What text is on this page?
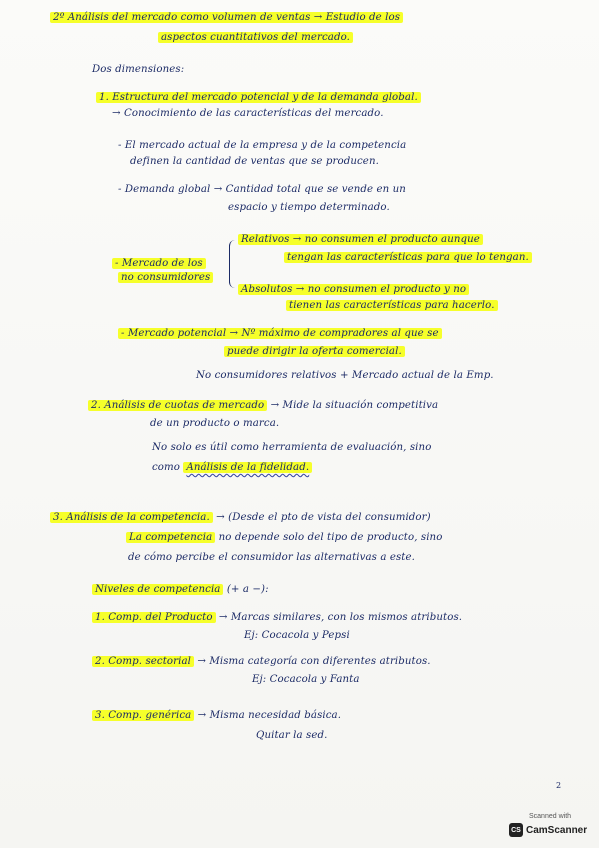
2º Análisis del mercado como volumen de ventas → Estudio de los
aspectos cuantitativos del mercado.
Dos dimensiones:
1. Estructura del mercado potencial y de la demanda global.
→ Conocimiento de las características del mercado.
- El mercado actual de la empresa y de la competencia
definen la cantidad de ventas que se producen.
- Demanda global → Cantidad total que se vende en un
espacio y tiempo determinado.
Relativos → no consumen el producto aunque
tengan las características para que lo tengan.
- Mercado de los
no consumidores
Absolutos → no consumen el producto y no
tienen las características para hacerlo.
- Mercado potencial → Nº máximo de compradores al que se
puede dirigir la oferta comercial.
No consumidores relativos + Mercado actual de la Emp.
2. Análisis de cuotas de mercado → Mide la situación competitiva
de un producto o marca.
No solo es útil como herramienta de evaluación, sino
como Análisis de la fidelidad.
3. Análisis de la competencia. → (Desde el pto de vista del consumidor)
La competencia no depende solo del tipo de producto, sino
de cómo percibe el consumidor las alternativas a este.
Niveles de competencia (+ a −):
1. Comp. del Producto → Marcas similares, con los mismos atributos.
Ej: Cocacola y Pepsi
2. Comp. sectorial → Misma categoría con diferentes atributos.
Ej: Cocacola y Fanta
3. Comp. genérica → Misma necesidad básica.
Quitar la sed.
2
Scanned with
CS CamScanner
